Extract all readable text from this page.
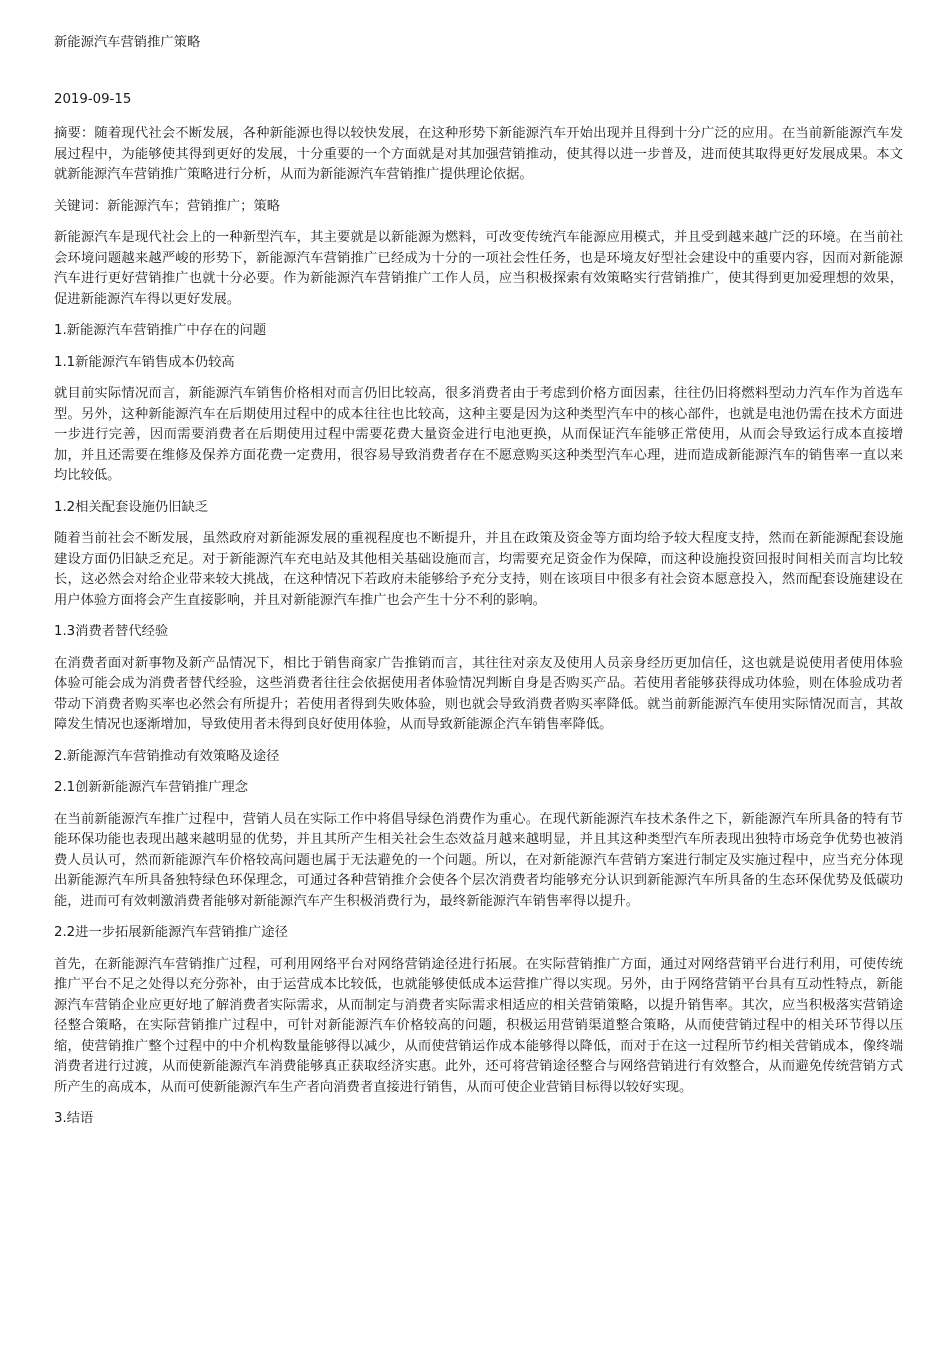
新能源汽车营销推广策略

2019-09-15

摘要：随着现代社会不断发展，各种新能源也得以较快发展，在这种形势下新能源汽车开始出现并且得到十分广泛的应用。在当前新能源汽车发展过程中，为能够使其得到更好的发展，十分重要的一个方面就是对其加强营销推动，使其得以进一步普及，进而使其取得更好发展成果。本文就新能源汽车营销推广策略进行分析，从而为新能源汽车营销推广提供理论依据。

关键词：新能源汽车；营销推广；策略

新能源汽车是现代社会上的一种新型汽车，其主要就是以新能源为燃料，可改变传统汽车能源应用模式，并且受到越来越广泛的环境。在当前社会环境问题越来越严峻的形势下，新能源汽车营销推广已经成为十分的一项社会性任务，也是环境友好型社会建设中的重要内容，因而对新能源汽车进行更好营销推广也就十分必要。作为新能源汽车营销推广工作人员，应当积极探索有效策略实行营销推广，使其得到更加爱理想的效果，促进新能源汽车得以更好发展。

1.新能源汽车营销推广中存在的问题

1.1新能源汽车销售成本仍较高

就目前实际情况而言，新能源汽车销售价格相对而言仍旧比较高，很多消费者由于考虑到价格方面因素，往往仍旧将燃料型动力汽车作为首选车型。另外，这种新能源汽车在后期使用过程中的成本往往也比较高，这种主要是因为这种类型汽车中的核心部件，也就是电池仍需在技术方面进一步进行完善，因而需要消费者在后期使用过程中需要花费大量资金进行电池更换，从而保证汽车能够正常使用，从而会导致运行成本直接增加，并且还需要在维修及保养方面花费一定费用，很容易导致消费者存在不愿意购买这种类型汽车心理，进而造成新能源汽车的销售率一直以来均比较低。

1.2相关配套设施仍旧缺乏

随着当前社会不断发展，虽然政府对新能源发展的重视程度也不断提升，并且在政策及资金等方面均给予较大程度支持，然而在新能源配套设施建设方面仍旧缺乏充足。对于新能源汽车充电站及其他相关基础设施而言，均需要充足资金作为保障，而这种设施投资回报时间相关而言均比较长，这必然会对给企业带来较大挑战，在这种情况下若政府未能够给予充分支持，则在该项目中很多有社会资本愿意投入，然而配套设施建设在用户体验方面将会产生直接影响，并且对新能源汽车推广也会产生十分不利的影响。

1.3消费者替代经验

在消费者面对新事物及新产品情况下，相比于销售商家广告推销而言，其往往对亲友及使用人员亲身经历更加信任，这也就是说使用者使用体验体验可能会成为消费者替代经验，这些消费者往往会依据使用者体验情况判断自身是否购买产品。若使用者能够获得成功体验，则在体验成功者带动下消费者购买率也必然会有所提升；若使用者得到失败体验，则也就会导致消费者购买率降低。就当前新能源汽车使用实际情况而言，其故障发生情况也逐渐增加，导致使用者未得到良好使用体验，从而导致新能源企汽车销售率降低。

2.新能源汽车营销推动有效策略及途径

2.1创新新能源汽车营销推广理念

在当前新能源汽车推广过程中，营销人员在实际工作中将倡导绿色消费作为重心。在现代新能源汽车技术条件之下，新能源汽车所具备的特有节能环保功能也表现出越来越明显的优势，并且其所产生相关社会生态效益月越来越明显，并且其这种类型汽车所表现出独特市场竞争优势也被消费人员认可，然而新能源汽车价格较高问题也属于无法避免的一个问题。所以，在对新能源汽车营销方案进行制定及实施过程中，应当充分体现出新能源汽车所具备独特绿色环保理念，可通过各种营销推介会使各个层次消费者均能够充分认识到新能源汽车所具备的生态环保优势及低碳功能，进而可有效刺激消费者能够对新能源汽车产生积极消费行为，最终新能源汽车销售率得以提升。

2.2进一步拓展新能源汽车营销推广途径

首先，在新能源汽车营销推广过程，可利用网络平台对网络营销途径进行拓展。在实际营销推广方面，通过对网络营销平台进行利用，可使传统推广平台不足之处得以充分弥补，由于运营成本比较低，也就能够使低成本运营推广得以实现。另外，由于网络营销平台具有互动性特点，新能源汽车营销企业应更好地了解消费者实际需求，从而制定与消费者实际需求相适应的相关营销策略，以提升销售率。其次，应当积极落实营销途径整合策略，在实际营销推广过程中，可针对新能源汽车价格较高的问题，积极运用营销渠道整合策略，从而使营销过程中的相关环节得以压缩，使营销推广整个过程中的中介机构数量能够得以减少，从而使营销运作成本能够得以降低，而对于在这一过程所节约相关营销成本，像终端消费者进行过渡，从而使新能源汽车消费能够真正获取经济实惠。此外，还可将营销途径整合与网络营销进行有效整合，从而避免传统营销方式所产生的高成本，从而可使新能源汽车生产者向消费者直接进行销售，从而可使企业营销目标得以较好实现。

3.结语
